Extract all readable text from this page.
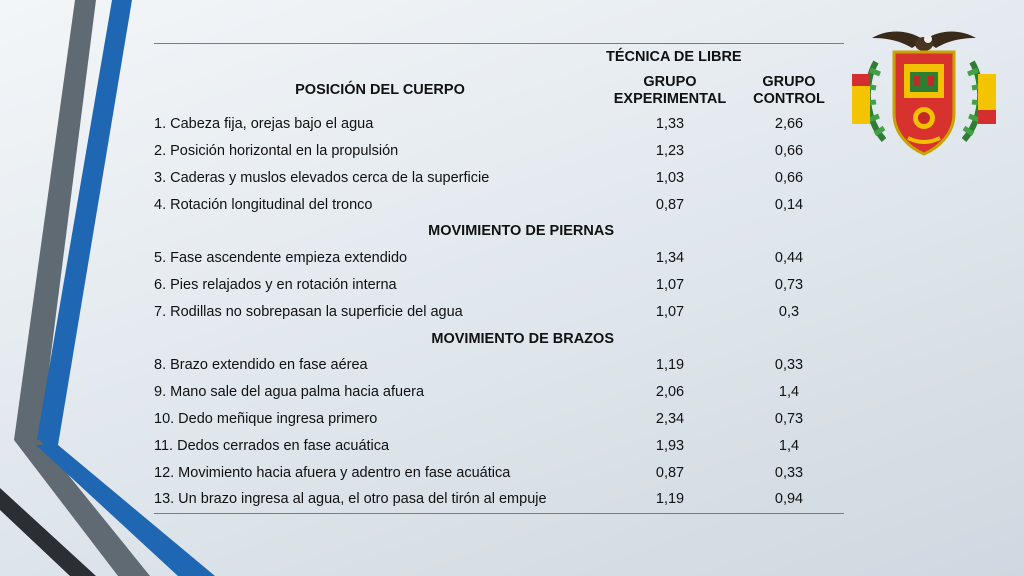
	TÉCNICA DE LIBRE	
POSICIÓN DEL CUERPO	GRUPO EXPERIMENTAL	GRUPO CONTROL
1. Cabeza fija, orejas bajo el agua	1,33	2,66
2. Posición horizontal en la propulsión	1,23	0,66
3. Caderas y muslos elevados cerca de la superficie	1,03	0,66
4. Rotación longitudinal del tronco	0,87	0,14
MOVIMIENTO DE PIERNAS		
5. Fase ascendente empieza extendido	1,34	0,44
6. Pies relajados y en rotación interna	1,07	0,73
7. Rodillas no sobrepasan la superficie del agua	1,07	0,3
MOVIMIENTO DE BRAZOS		
8. Brazo extendido en fase aérea	1,19	0,33
9. Mano sale del agua palma hacia afuera	2,06	1,4
10. Dedo meñique ingresa primero	2,34	0,73
11. Dedos cerrados en fase acuática	1,93	1,4
12. Movimiento hacia afuera y adentro en fase acuática	0,87	0,33
13. Un brazo ingresa al agua, el otro pasa del tirón al empuje	1,19	0,94
